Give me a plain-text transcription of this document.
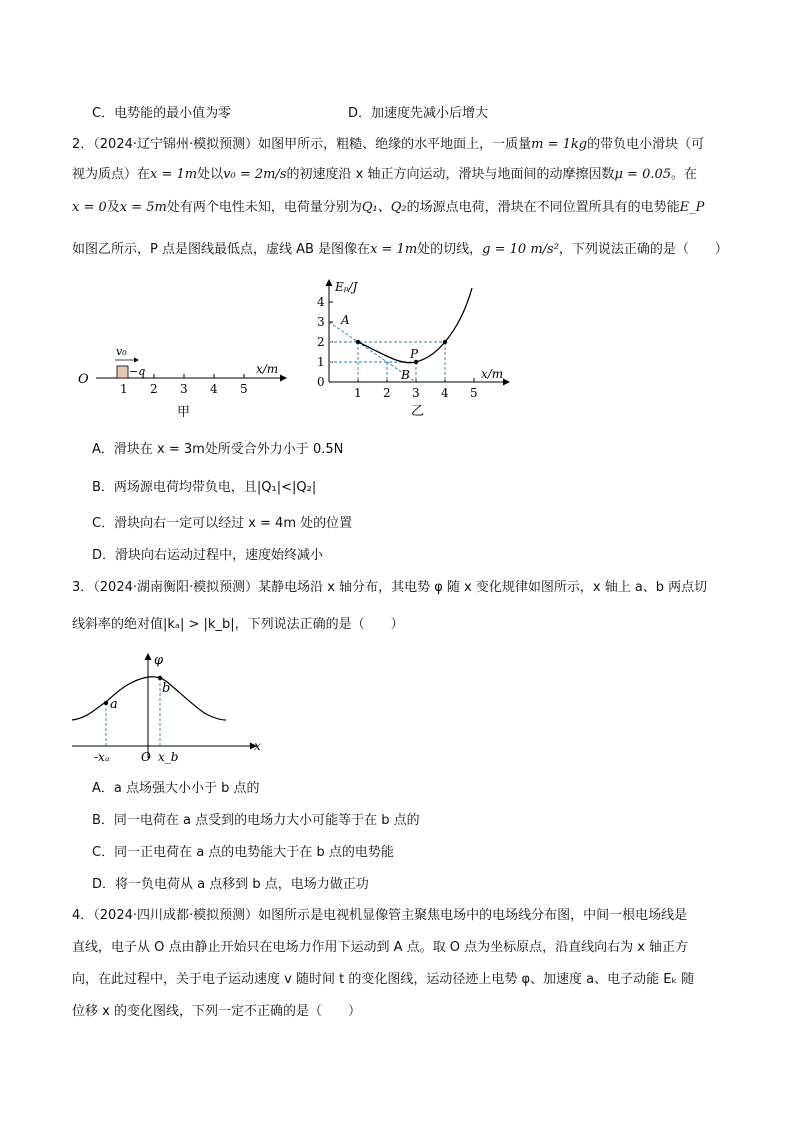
C．电势能的最小值为零	D．加速度先减小后增大
2．（2024·辽宁锦州·模拟预测）如图甲所示，粗糙、绝缘的水平地面上，一质量m = 1kg的带负电小滑块（可
视为质点）在x = 1m处以v₀ = 2m/s的初速度沿 x 轴正方向运动，滑块与地面间的动摩擦因数μ = 0.05。在
x = 0及x = 5m处有两个电性未知，电荷量分别为Q₁、Q₂的场源点电荷，滑块在不同位置所具有的电势能E_P
如图乙所示，P 点是图线最低点，虚线 AB 是图像在x = 1m处的切线，g = 10 m/s²，下列说法正确的是（　　）
O
1 2 3 4 5
x/m
−q
v₀
甲
Eₚ/J
x/m
0
1
2
3
4
1 2 3 4 5
A
B
P
乙
A．滑块在 x = 3m处所受合外力小于 0.5N
B．两场源电荷均带负电，且|Q₁|<|Q₂|
C．滑块向右一定可以经过 x = 4m 处的位置
D．滑块向右运动过程中，速度始终减小
3．（2024·湖南衡阳·模拟预测）某静电场沿 x 轴分布，其电势 φ 随 x 变化规律如图所示，x 轴上 a、b 两点切
线斜率的绝对值|kₐ| > |k_b|，下列说法正确的是（　　）
φ
x
O
a
b
-xₐ	x_b
A．a 点场强大小小于 b 点的
B．同一电荷在 a 点受到的电场力大小可能等于在 b 点的
C．同一正电荷在 a 点的电势能大于在 b 点的电势能
D．将一负电荷从 a 点移到 b 点，电场力做正功
4．（2024·四川成都·模拟预测）如图所示是电视机显像管主聚焦电场中的电场线分布图，中间一根电场线是
直线，电子从 O 点由静止开始只在电场力作用下运动到 A 点。取 O 点为坐标原点，沿直线向右为 x 轴正方
向，在此过程中，关于电子运动速度 v 随时间 t 的变化图线，运动径迹上电势 φ、加速度 a、电子动能 Eₖ 随
位移 x 的变化图线，下列一定不正确的是（　　）
